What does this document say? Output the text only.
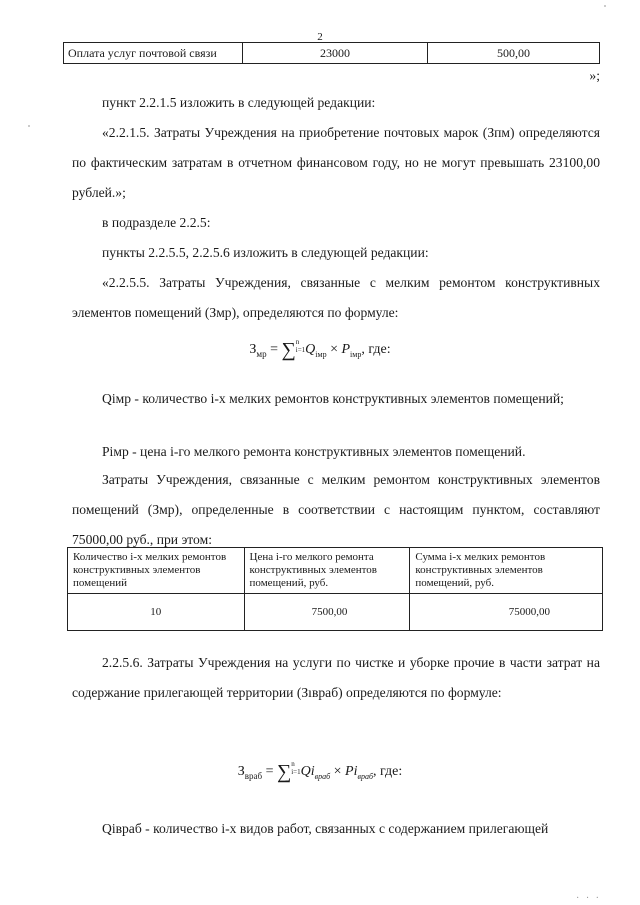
2
Оплата услуг почтовой связи	23000	500,00
»;
пункт 2.2.1.5 изложить в следующей редакции:
«2.2.1.5. Затраты Учреждения на приобретение почтовых марок (Зпм) определяются по фактическим затратам в отчетном финансовом году, но не могут превышать 23100,00 рублей.»;
в подразделе 2.2.5:
пункты 2.2.5.5, 2.2.5.6 изложить в следующей редакции:
«2.2.5.5. Затраты Учреждения, связанные с мелким ремонтом конструктивных элементов помещений (Змр), определяются по формуле:
$З_{мр} = \sum n$
$i=1Q_{iмр} \times P_{iмр}$, где:
Qiмр - количество i-х мелких ремонтов конструктивных элементов помещений;
Piмр - цена i-го мелкого ремонта конструктивных элементов помещений.
Затраты Учреждения, связанные с мелким ремонтом конструктивных элементов помещений (Змр), определенные в соответствии с настоящим пунктом, составляют 75000,00 руб., при этом:
Количество i-х мелких ремонтов конструктивных элементов помещений	Цена i-го мелкого ремонта конструктивных элементов помещений, руб.	Сумма i-х мелких ремонтов конструктивных элементов помещений, руб.
10	7500,00	75000,00
2.2.5.6. Затраты Учреждения на услуги по чистке и уборке прочие в части затрат на содержание прилегающей территории (Зıвраб) определяются по формуле:
$З_{враб} = \sum n$
$i=1Qi_{враб} \times Pi_{враб}$, где:
Qiвраб - количество i-х видов работ, связанных с содержанием прилегающей
· · ·
